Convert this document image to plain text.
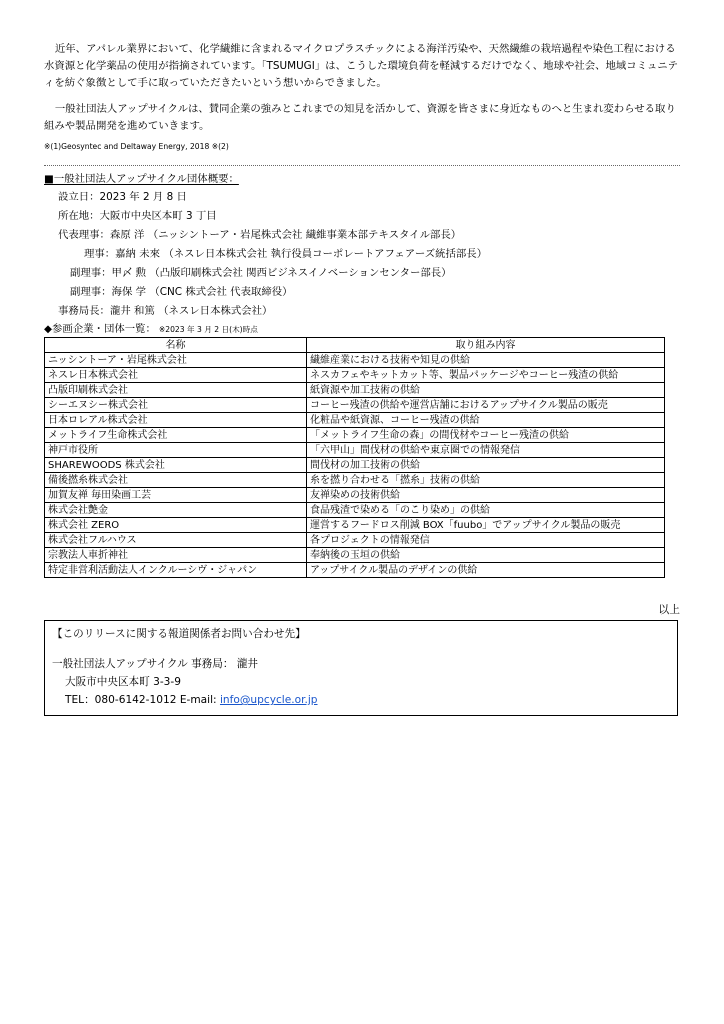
近年、アパレル業界において、化学繊維に含まれるマイクロプラスチックによる海洋汚染や、天然繊維の栽培過程や染色工程における水資源と化学薬品の使用が指摘されています。「TSUMUGI」は、こうした環境負荷を軽減するだけでなく、地球や社会、地域コミュニティを紡ぐ象徴として手に取っていただきたいという想いからできました。

一般社団法人アップサイクルは、賛同企業の強みとこれまでの知見を活かして、資源を皆さまに身近なものへと生まれ変わらせる取り組みや製品開発を進めていきます。

※(1)Geosyntec and Deltaway Energy, 2018 ※(2)
■一般社団法人アップサイクル団体概要：
設立日：2023 年 2 月 8 日
所在地：大阪市中央区本町 3 丁目
代表理事：森原 洋 （ニッシントーア・岩尾株式会社 繊維事業本部テキスタイル部長）
理事：嘉納 未來 （ネスレ日本株式会社 執行役員コーポレートアフェアーズ統括部長）
副理事：甲〆 勲 （凸版印刷株式会社 関西ビジネスイノベーションセンター部長）
副理事：海保 学 （CNC 株式会社 代表取締役）
事務局長：瀧井 和篤 （ネスレ日本株式会社）
◆参画企業・団体一覧： ※2023 年 3 月 2 日(木)時点
名称	取り組み内容
ニッシントーア・岩尾株式会社	繊維産業における技術や知見の供給
ネスレ日本株式会社	ネスカフェやキットカット等、製品パッケージやコーヒー残渣の供給
凸版印刷株式会社	紙資源や加工技術の供給
シーエヌシー株式会社	コーヒー残渣の供給や運営店舗におけるアップサイクル製品の販売
日本ロレアル株式会社	化粧品や紙資源、コーヒー残渣の供給
メットライフ生命株式会社	「メットライフ生命の森」の間伐材やコーヒー残渣の供給
神戸市役所	「六甲山」間伐材の供給や東京圏での情報発信
SHAREWOODS 株式会社	間伐材の加工技術の供給
備後撚糸株式会社	糸を撚り合わせる「撚糸」技術の供給
加賀友禅 毎田染画工芸	友禅染めの技術供給
株式会社艶金	食品残渣で染める「のこり染め」の供給
株式会社 ZERO	運営するフードロス削減 BOX「fuubo」でアップサイクル製品の販売
株式会社フルハウス	各プロジェクトの情報発信
宗教法人車折神社	奉納後の玉垣の供給
特定非営利活動法人インクルーシヴ・ジャパン	アップサイクル製品のデザインの供給
以上
【このリリースに関する報道関係者お問い合わせ先】
一般社団法人アップサイクル 事務局： 瀧井
大阪市中央区本町 3-3-9
TEL：080-6142-1012 E-mail: info@upcycle.or.jp
